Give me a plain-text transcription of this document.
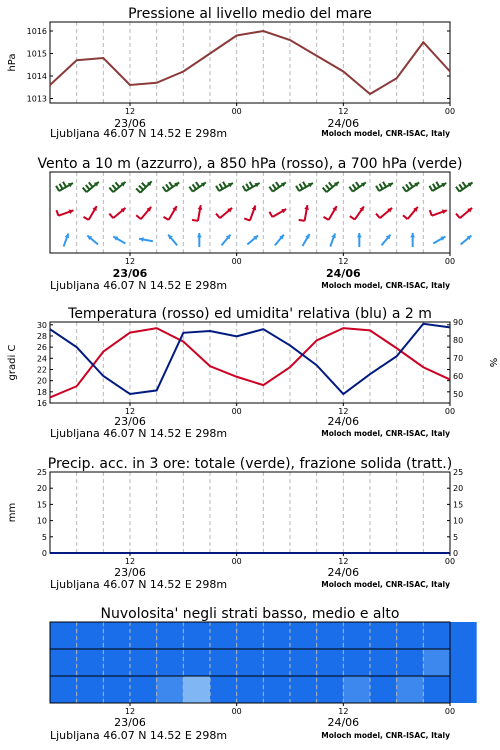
Pressione al livello medio del mare
1013
1014
1015
1016
hPa
12
23/06
00	12
24/06
00
Ljubljana 46.07 N 14.52 E 298m	Moloch model, CNR-ISAC, Italy
Vento a 10 m (azzurro), a 850 hPa (rosso), a 700 hPa (verde)
12	00	12	00
23/06	24/06
Ljubljana 46.07 N 14.52 E 298m	Moloch model, CNR-ISAC, Italy
Temperatura (rosso) ed umidita' relativa (blu) a 2 m
16
18
20
22
24
26
28
30
gradi C
50
60
70
80
90
%
12
23/06
00	12
24/06
00
Ljubljana 46.07 N 14.52 E 298m	Moloch model, CNR-ISAC, Italy
Precip. acc. in 3 ore: totale (verde), frazione solida (tratt.)
0
5
10
15
20
25
mm
0
5
10
15
20
25
12
23/06
00	12
24/06
00
Ljubljana 46.07 N 14.52 E 298m	Moloch model, CNR-ISAC, Italy
Nuvolosita' negli strati basso, medio e alto
12
23/06
00	12
24/06
00
Ljubljana 46.07 N 14.52 E 298m	Moloch model, CNR-ISAC, Italy
